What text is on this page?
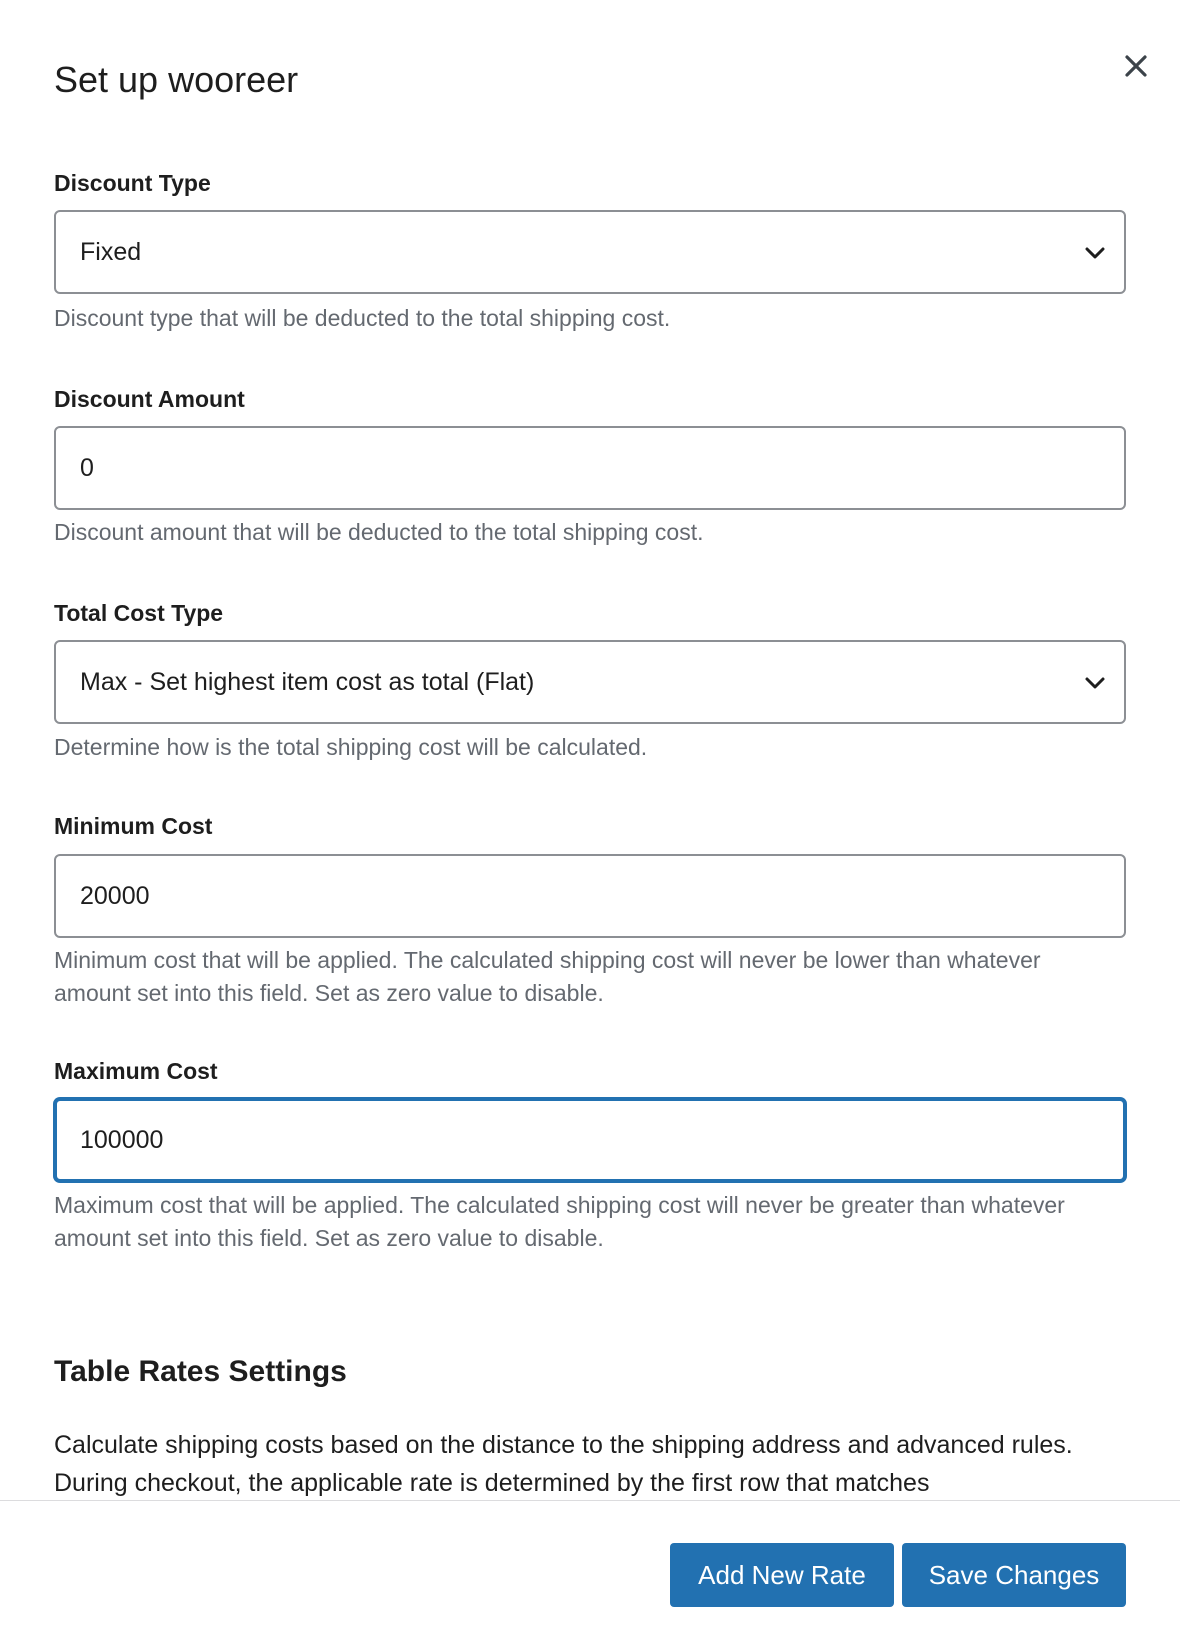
Set up wooreer
Discount Type
Fixed
Discount type that will be deducted to the total shipping cost.
Discount Amount
0
Discount amount that will be deducted to the total shipping cost.
Total Cost Type
Max - Set highest item cost as total (Flat)
Determine how is the total shipping cost will be calculated.
Minimum Cost
20000
Minimum cost that will be applied. The calculated shipping cost will never be lower than whatever amount set into this field. Set as zero value to disable.
Maximum Cost
100000
Maximum cost that will be applied. The calculated shipping cost will never be greater than whatever amount set into this field. Set as zero value to disable.
Table Rates Settings
Calculate shipping costs based on the distance to the shipping address and advanced rules. During checkout, the applicable rate is determined by the first row that matches
Add New Rate	Save Changes
